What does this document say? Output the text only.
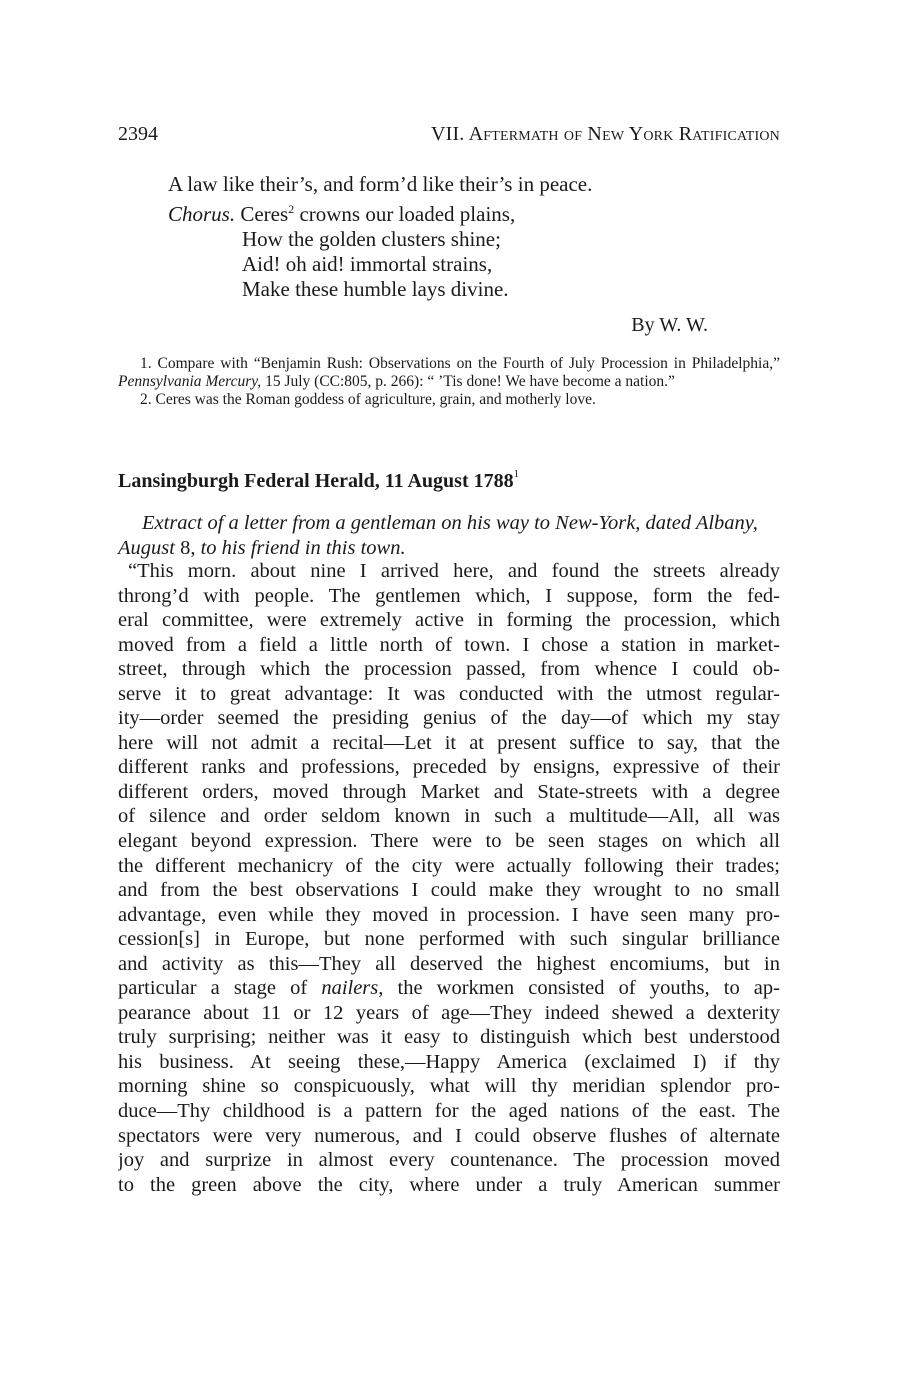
2394	VII. Aftermath of New York Ratification
A law like their’s, and form’d like their’s in peace.
Chorus. Ceres$^2$ crowns our loaded plains,
How the golden clusters shine;
Aid! oh aid! immortal strains,
Make these humble lays divine.
By W. W.

1. Compare with “Benjamin Rush: Observations on the Fourth of July Procession in Philadelphia,” Pennsylvania Mercury, 15 July (CC:805, p. 266): “ ’Tis done! We have become a nation.”

2. Ceres was the Roman goddess of agriculture, grain, and motherly love.

Lansingburgh Federal Herald, 11 August 1788$^1$
Extract of a letter from a gentleman on his way to New-York, dated Albany,
August 8, to his friend in this town.
“This morn. about nine I arrived here, and found the streets already
throng’d with people. The gentlemen which, I suppose, form the fed-
eral committee, were extremely active in forming the procession, which
moved from a field a little north of town. I chose a station in market-
street, through which the procession passed, from whence I could ob-
serve it to great advantage: It was conducted with the utmost regular-
ity—order seemed the presiding genius of the day—of which my stay
here will not admit a recital—Let it at present suffice to say, that the
different ranks and professions, preceded by ensigns, expressive of their
different orders, moved through Market and State-streets with a degree
of silence and order seldom known in such a multitude—All, all was
elegant beyond expression. There were to be seen stages on which all
the different mechanicry of the city were actually following their trades;
and from the best observations I could make they wrought to no small
advantage, even while they moved in procession. I have seen many pro-
cession[s] in Europe, but none performed with such singular brilliance
and activity as this—They all deserved the highest encomiums, but in
particular a stage of nailers, the workmen consisted of youths, to ap-
pearance about 11 or 12 years of age—They indeed shewed a dexterity
truly surprising; neither was it easy to distinguish which best understood
his business. At seeing these,—Happy America (exclaimed I) if thy
morning shine so conspicuously, what will thy meridian splendor pro-
duce—Thy childhood is a pattern for the aged nations of the east. The
spectators were very numerous, and I could observe flushes of alternate
joy and surprize in almost every countenance. The procession moved
to the green above the city, where under a truly American summer
